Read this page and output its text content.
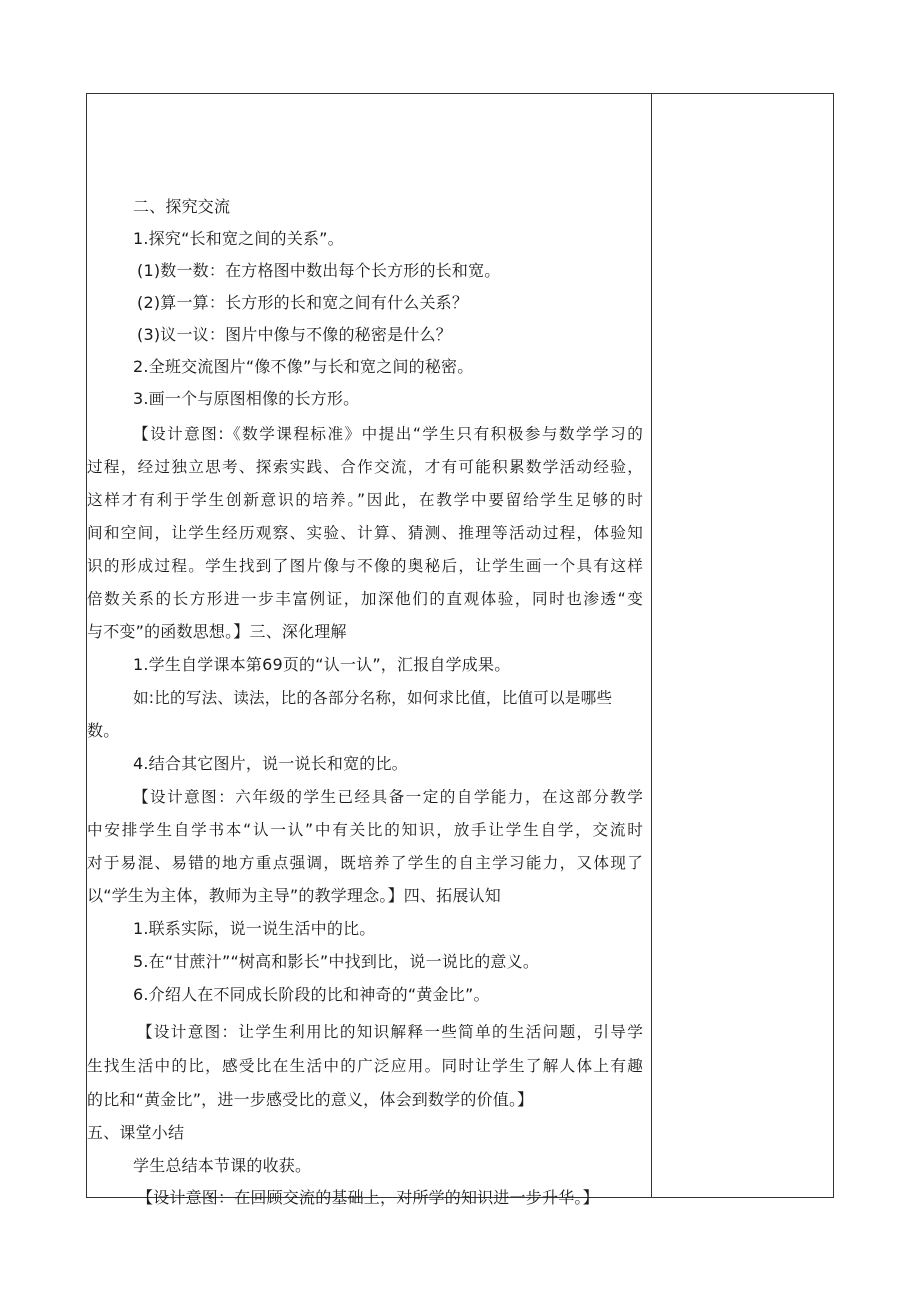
二、探究交流
1.探究“长和宽之间的关系”。
(1)数一数：在方格图中数出每个长方形的长和宽。
(2)算一算：长方形的长和宽之间有什么关系？
(3)议一议：图片中像与不像的秘密是什么？
2.全班交流图片“像不像”与长和宽之间的秘密。
3.画一个与原图相像的长方形。
【设计意图:《数学课程标准》中提出“学生只有积极参与数学学习的
过程，经过独立思考、探索实践、合作交流，才有可能积累数学活动经验，
这样才有利于学生创新意识的培养。”因此，在教学中要留给学生足够的时
间和空间，让学生经历观察、实验、计算、猜测、推理等活动过程，体验知
识的形成过程。学生找到了图片像与不像的奥秘后，让学生画一个具有这样
倍数关系的长方形进一步丰富例证，加深他们的直观体验，同时也渗透“变
与不变”的函数思想。】三、深化理解
1.学生自学课本第69页的“认一认”，汇报自学成果。
如:比的写法、读法，比的各部分名称，如何求比值，比值可以是哪些
数。
4.结合其它图片，说一说长和宽的比。
【设计意图：六年级的学生已经具备一定的自学能力，在这部分教学
中安排学生自学书本“认一认”中有关比的知识，放手让学生自学，交流时
对于易混、易错的地方重点强调，既培养了学生的自主学习能力，又体现了
以“学生为主体，教师为主导”的教学理念。】四、拓展认知
1.联系实际，说一说生活中的比。
5.在“甘蔗汁”“树高和影长”中找到比，说一说比的意义。
6.介绍人在不同成长阶段的比和神奇的“黄金比”。
【设计意图：让学生利用比的知识解释一些简单的生活问题，引导学
生找生活中的比，感受比在生活中的广泛应用。同时让学生了解人体上有趣
的比和“黄金比”，进一步感受比的意义，体会到数学的价值。】
五、课堂小结
学生总结本节课的收获。
【设计意图：在回顾交流的基础上，对所学的知识进一步升华。】
